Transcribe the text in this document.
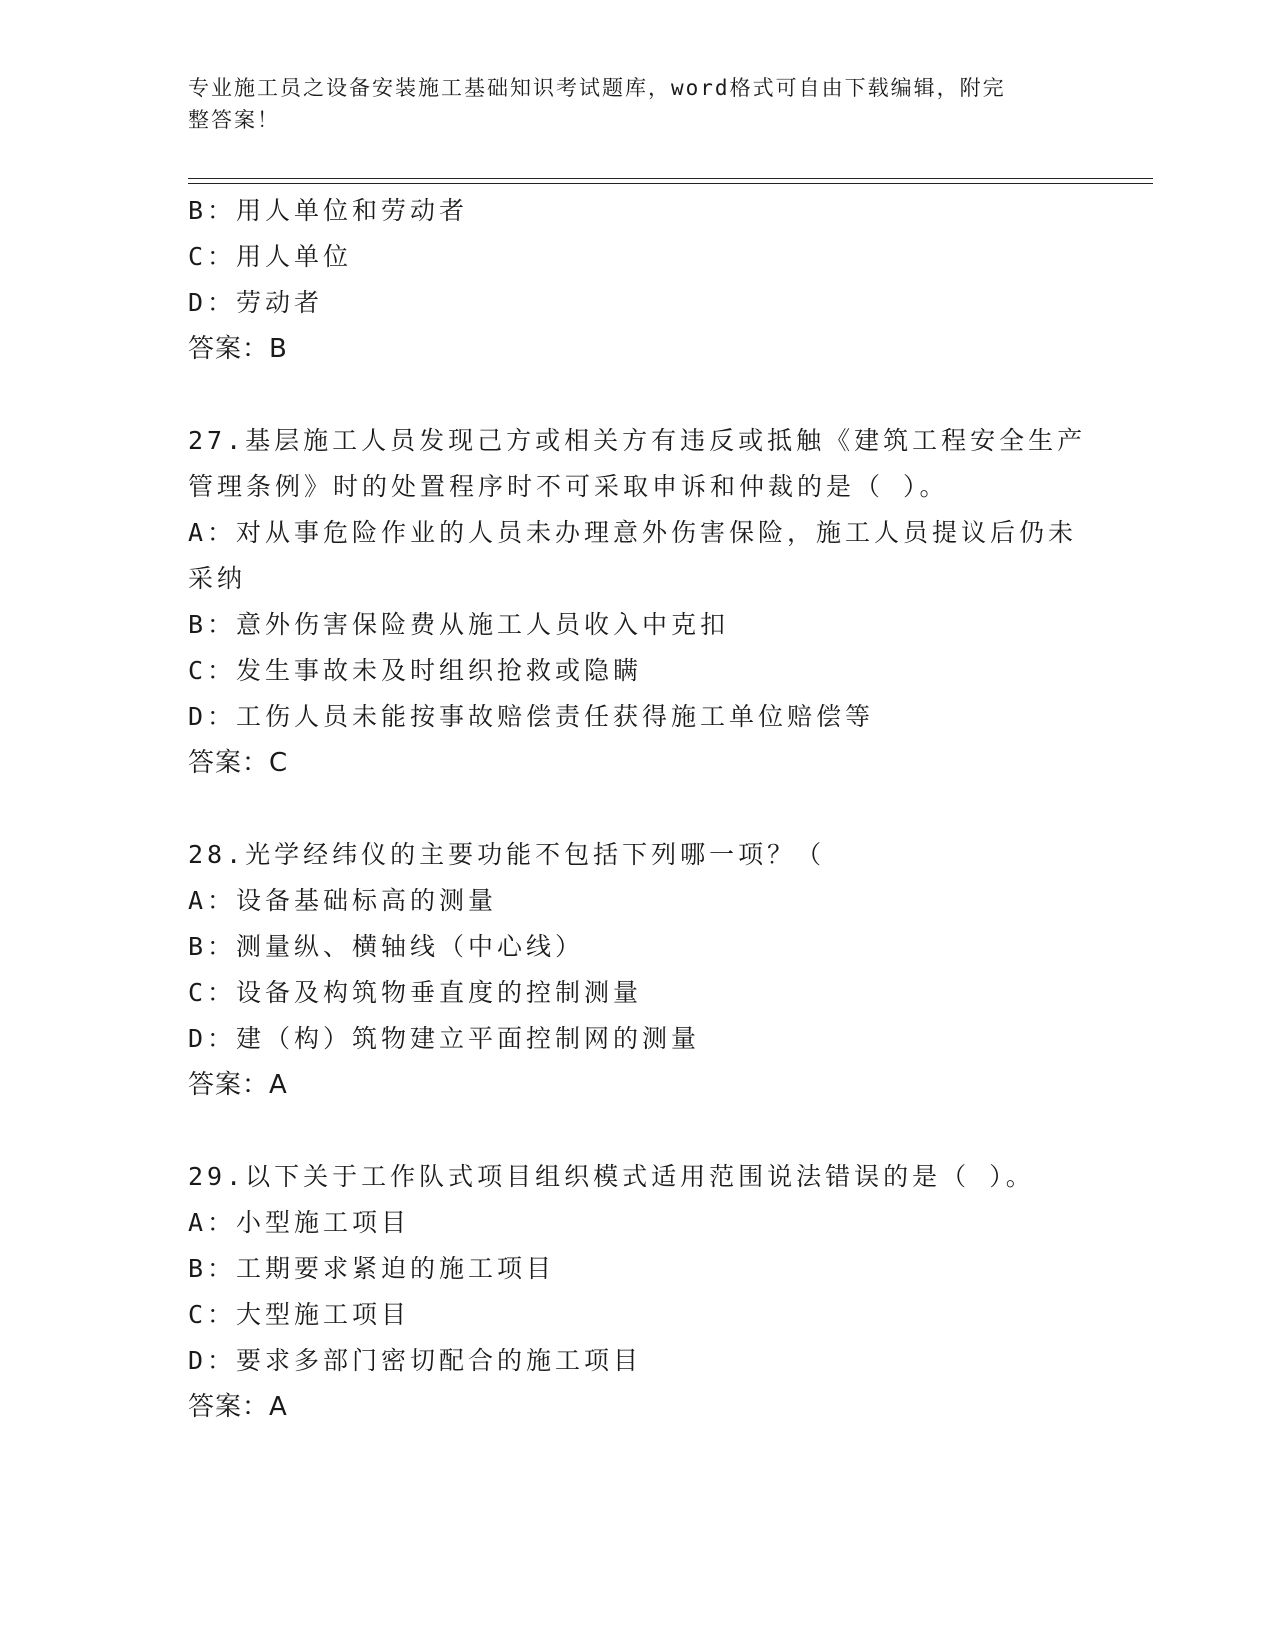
专业施工员之设备安装施工基础知识考试题库，word格式可自由下载编辑，附完
整答案！
B：用人单位和劳动者
C：用人单位
D：劳动者
答案：B
27.基层施工人员发现己方或相关方有违反或抵触《建筑工程安全生产
管理条例》时的处置程序时不可采取申诉和仲裁的是（ ）。
A：对从事危险作业的人员未办理意外伤害保险，施工人员提议后仍未
采纳
B：意外伤害保险费从施工人员收入中克扣
C：发生事故未及时组织抢救或隐瞒
D：工伤人员未能按事故赔偿责任获得施工单位赔偿等
答案：C
28.光学经纬仪的主要功能不包括下列哪一项？（
A：设备基础标高的测量
B：测量纵、横轴线（中心线）
C：设备及构筑物垂直度的控制测量
D：建（构）筑物建立平面控制网的测量
答案：A
29.以下关于工作队式项目组织模式适用范围说法错误的是（ ）。
A：小型施工项目
B：工期要求紧迫的施工项目
C：大型施工项目
D：要求多部门密切配合的施工项目
答案：A
